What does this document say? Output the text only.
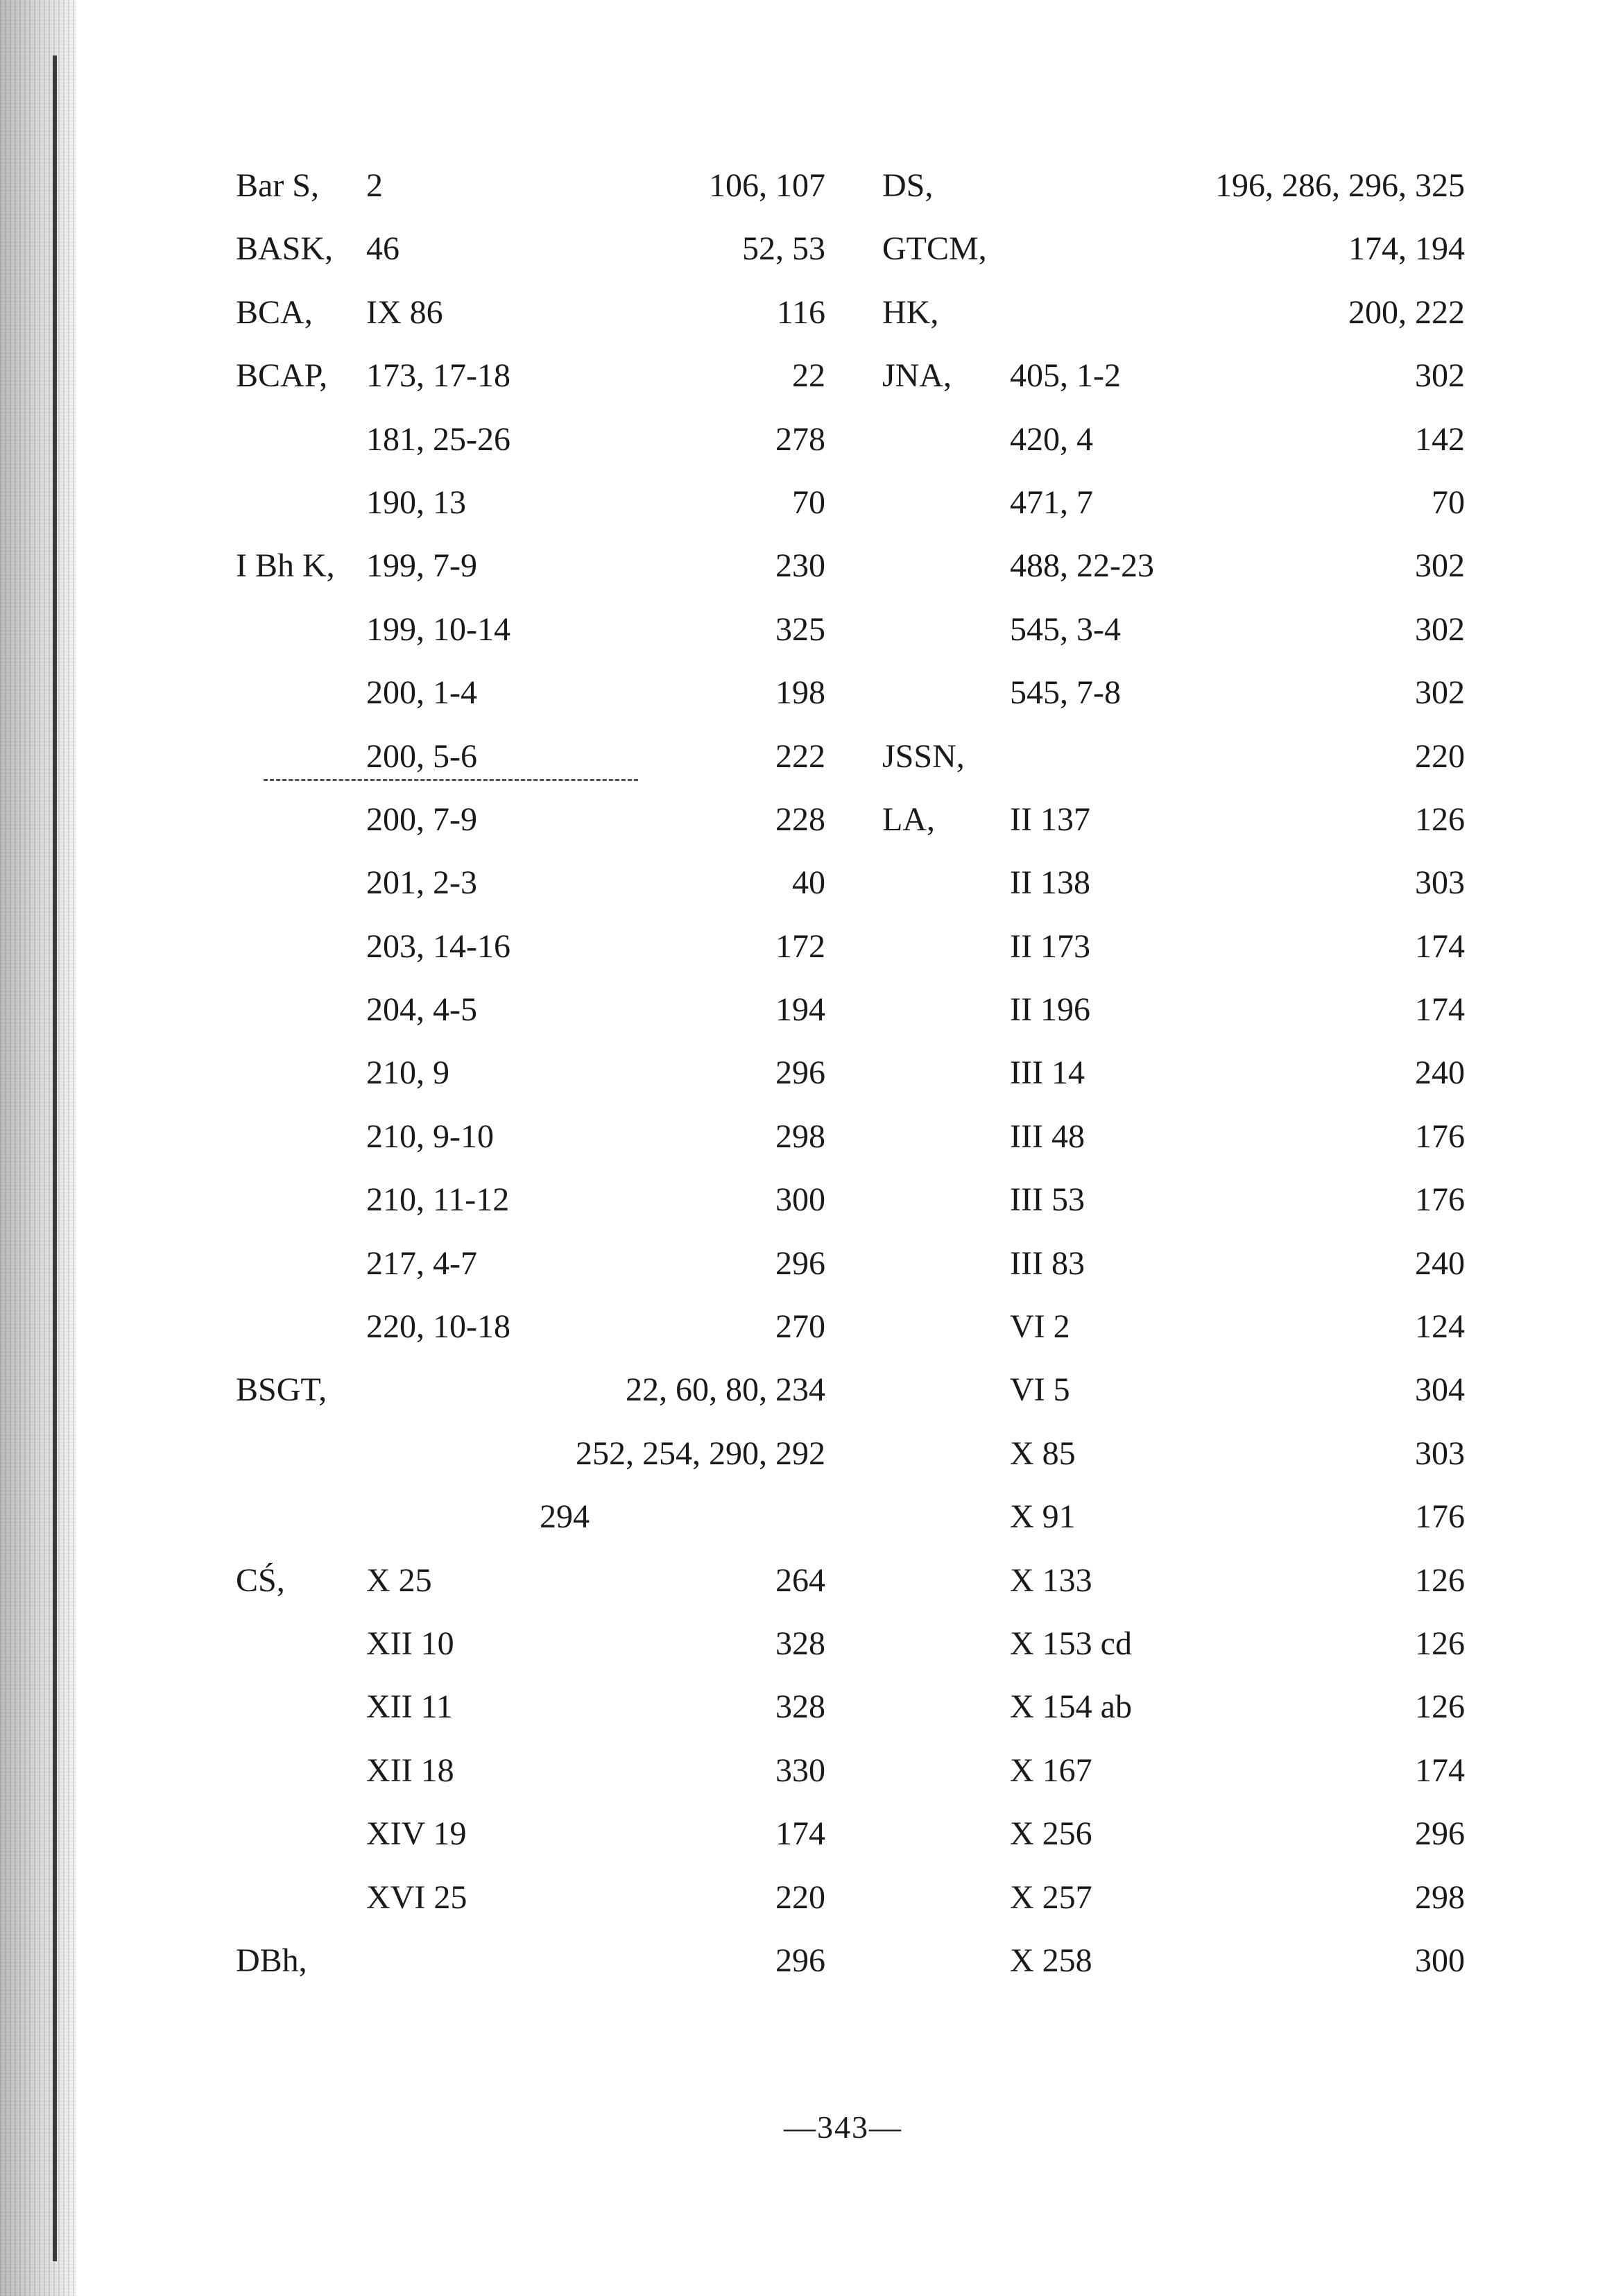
Bar S, 2	106, 107
BASK, 46	52, 53
BCA, IX 86	116
BCAP, 173, 17-18	22
181, 25-26	278
190, 13	70
I Bh K, 199, 7-9	230
199, 10-14	325
200, 1-4	198
200, 5-6	222
200, 7-9	228
201, 2-3	40
203, 14-16	172
204, 4-5	194
210, 9	296
210, 9-10	298
210, 11-12	300
217, 4-7	296
220, 10-18	270
BSGT,	22, 60, 80, 234
252, 254, 290, 292
294
CŚ, X 25	264
XII 10	328
XII 11	328
XII 18	330
XIV 19	174
XVI 25	220
DBh,	296
DS,	196, 286, 296, 325
GTCM,	174, 194
HK,	200, 222
JNA, 405, 1-2	302
420, 4	142
471, 7	70
488, 22-23	302
545, 3-4	302
545, 7-8	302
JSSN,	220
LA, II 137	126
II 138	303
II 173	174
II 196	174
III 14	240
III 48	176
III 53	176
III 83	240
VI 2	124
VI 5	304
X 85	303
X 91	176
X 133	126
X 153 cd	126
X 154 ab	126
X 167	174
X 256	296
X 257	298
X 258	300
—343—
